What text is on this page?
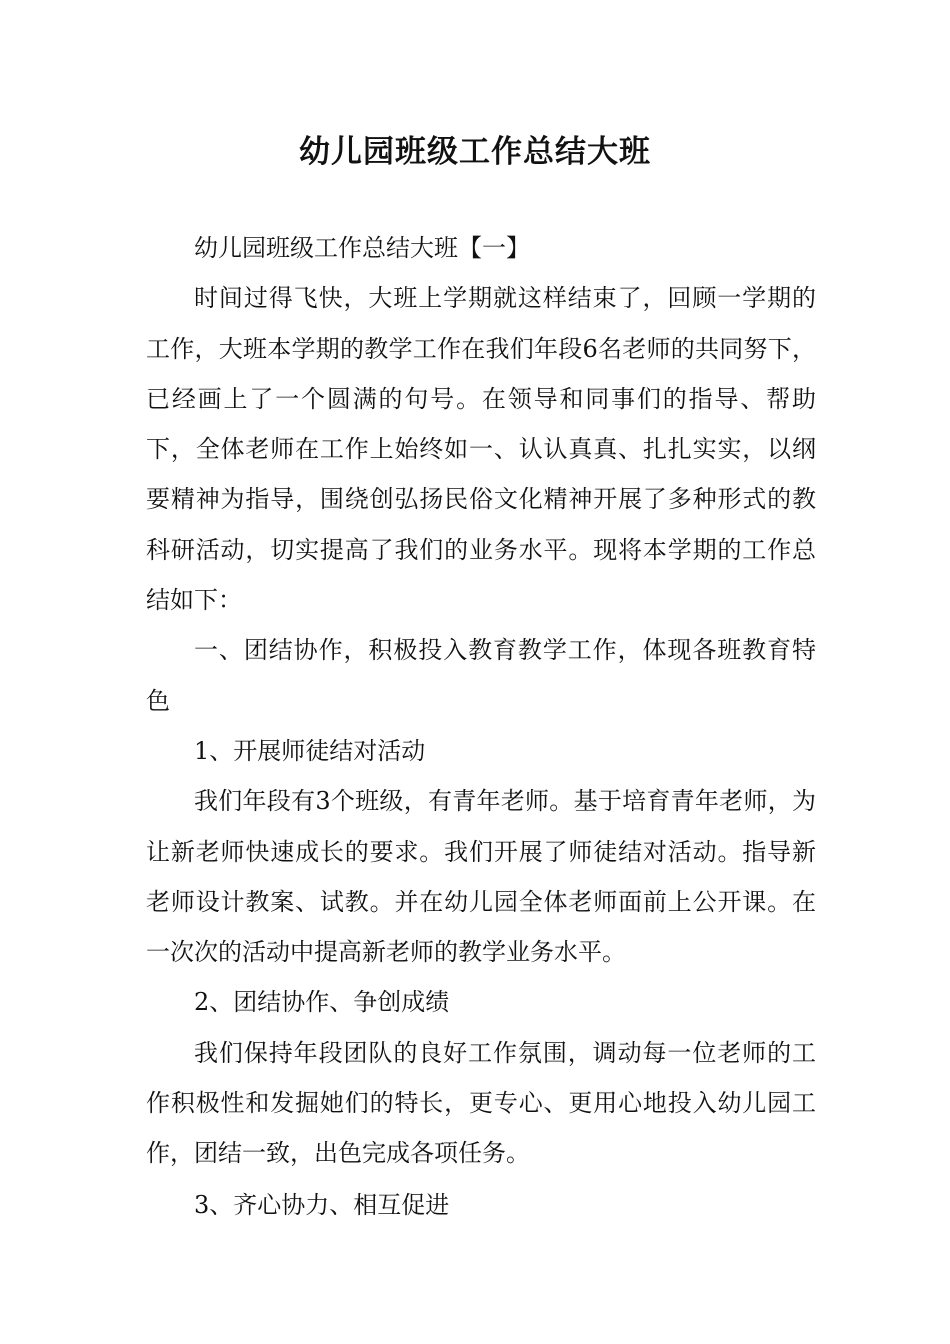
幼儿园班级工作总结大班

幼儿园班级工作总结大班【一】

时间过得飞快，大班上学期就这样结束了，回顾一学期的工作，大班本学期的教学工作在我们年段6名老师的共同努下，已经画上了一个圆满的句号。在领导和同事们的指导、帮助下，全体老师在工作上始终如一、认认真真、扎扎实实，以纲要精神为指导，围绕创弘扬民俗文化精神开展了多种形式的教科研活动，切实提高了我们的业务水平。现将本学期的工作总结如下：

一、团结协作，积极投入教育教学工作，体现各班教育特色

1、开展师徒结对活动

我们年段有3个班级，有青年老师。基于培育青年老师，为让新老师快速成长的要求。我们开展了师徒结对活动。指导新老师设计教案、试教。并在幼儿园全体老师面前上公开课。在一次次的活动中提高新老师的教学业务水平。

2、团结协作、争创成绩

我们保持年段团队的良好工作氛围，调动每一位老师的工作积极性和发掘她们的特长，更专心、更用心地投入幼儿园工作，团结一致，出色完成各项任务。

3、齐心协力、相互促进
